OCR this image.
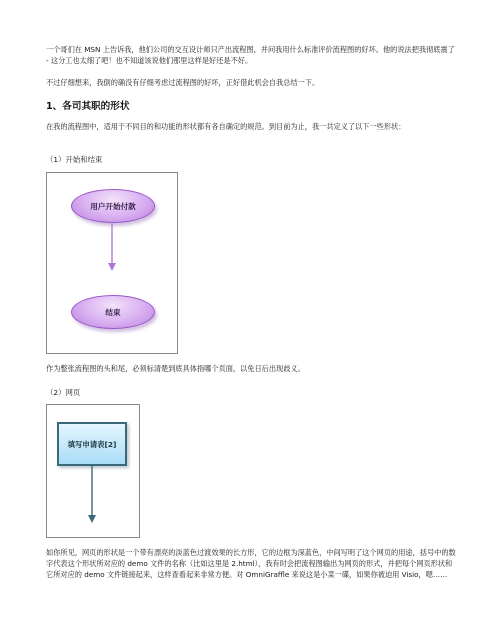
一个哥们在 MSN 上告诉我，他们公司的交互设计师只产出流程图，并问我用什么标准评价流程图的好坏。他的说法把我彻底震了 - 这分工也太细了吧！也不知道该说他们那里这样是好还是不好。
不过仔细想来，我倒的确没有仔细考虑过流程图的好坏，正好借此机会自我总结一下。
1、各司其职的形状
在我的流程图中，适用于不同目的和功能的形状都有各自确定的规范。到目前为止，我一共定义了以下一些形状：
（1）开始和结束
用户开始付款
结束
作为整张流程图的头和尾，必须标清楚到底具体指哪个页面，以免日后出现歧义。
（2）网页
填写申请表[2]
如你所见，网页的形状是一个带有漂亮的淡蓝色过渡效果的长方形，它的边框为深蓝色，中间写明了这个网页的用途，括号中的数字代表这个形状所对应的 demo 文件的名称（比如这里是 2.html），我有时会把流程图输出为网页的形式，并把每个网页形状和它所对应的 demo 文件链接起来，这样查看起来非常方便。对 OmniGraffle 来说这是小菜一碟，如果你被迫用 Visio，嗯……
